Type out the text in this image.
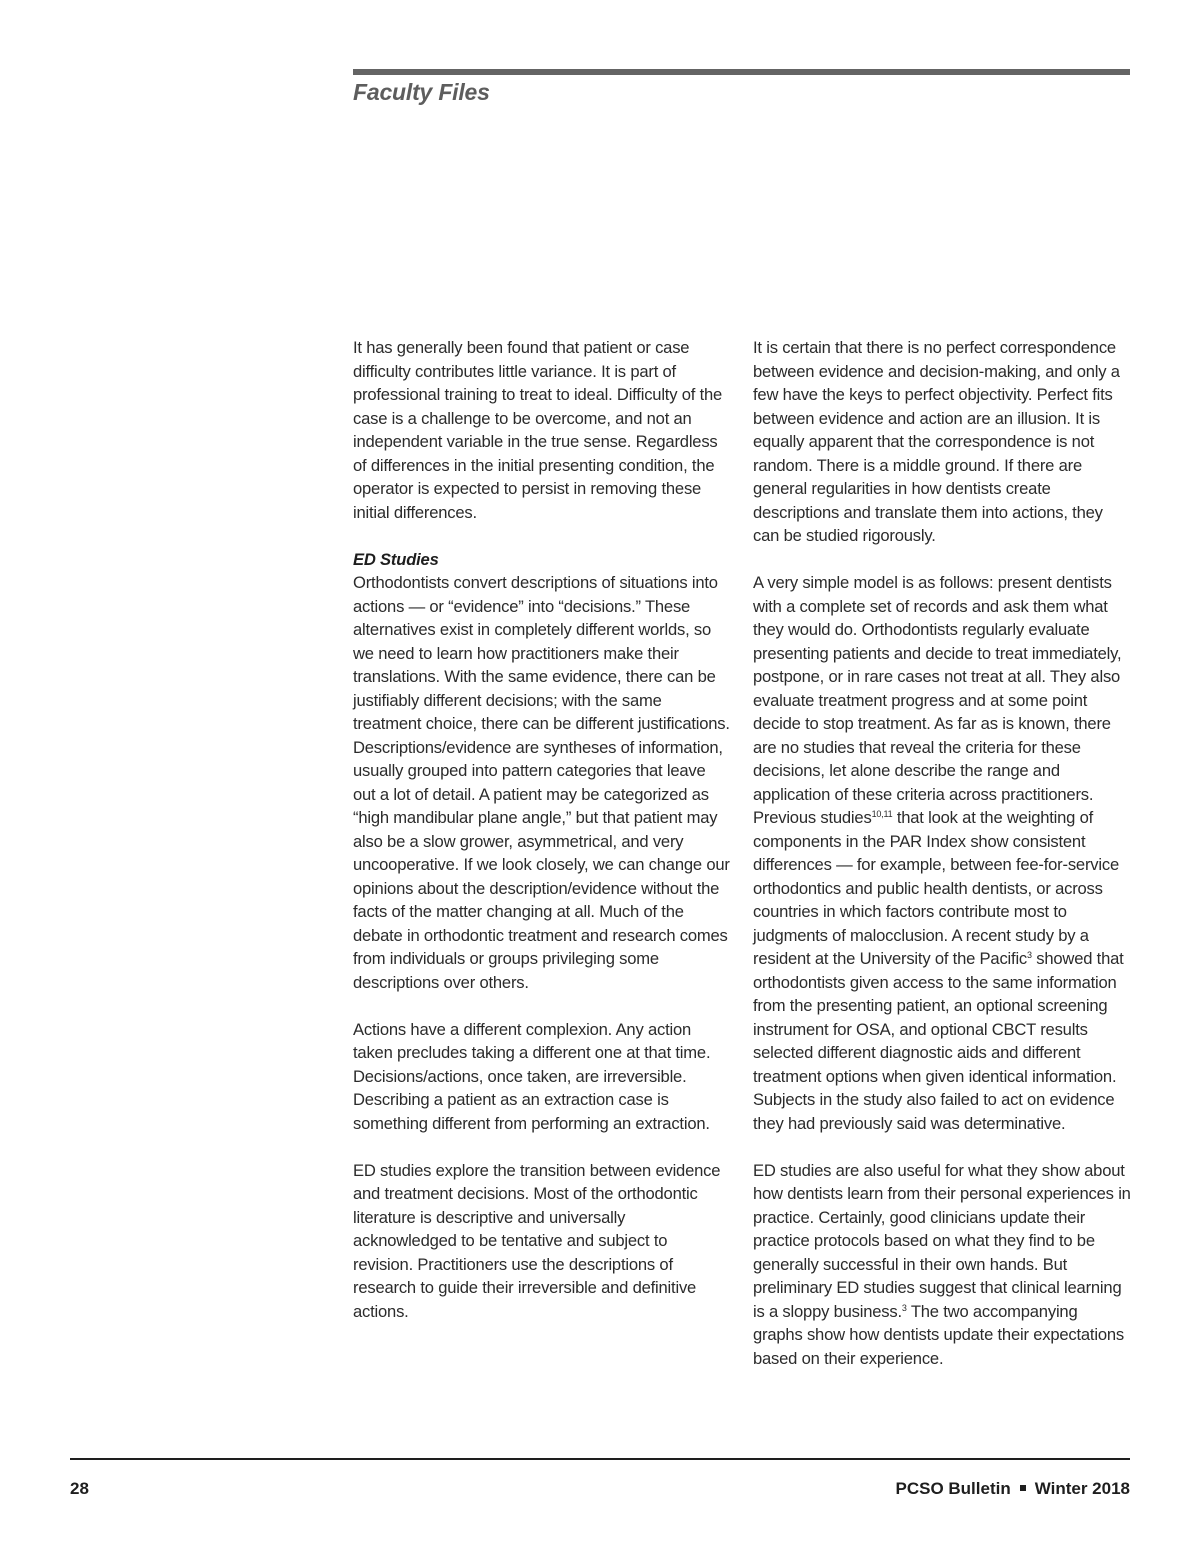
Faculty Files

It has generally been found that patient or case difficulty contributes little variance. It is part of professional training to treat to ideal. Difficulty of the case is a challenge to be overcome, and not an independent variable in the true sense. Regardless of differences in the initial presenting condition, the operator is expected to persist in removing these initial differences.

ED Studies
Orthodontists convert descriptions of situations into actions — or “evidence” into “decisions.” These alternatives exist in completely different worlds, so we need to learn how practitioners make their translations. With the same evidence, there can be justifiably different decisions; with the same treatment choice, there can be different justifications. Descriptions/evidence are syntheses of information, usually grouped into pattern categories that leave out a lot of detail. A patient may be categorized as “high mandibular plane angle,” but that patient may also be a slow grower, asymmetrical, and very uncooperative. If we look closely, we can change our opinions about the description/evidence without the facts of the matter changing at all. Much of the debate in orthodontic treatment and research comes from individuals or groups privileging some descriptions over others.

Actions have a different complexion. Any action taken precludes taking a different one at that time. Decisions/actions, once taken, are irreversible. Describing a patient as an extraction case is something different from performing an extraction.

ED studies explore the transition between evidence and treatment decisions. Most of the orthodontic literature is descriptive and universally acknowledged to be tentative and subject to revision. Practitioners use the descriptions of research to guide their irreversible and definitive actions.

It is certain that there is no perfect correspondence between evidence and decision-making, and only a few have the keys to perfect objectivity. Perfect fits between evidence and action are an illusion. It is equally apparent that the correspondence is not random. There is a middle ground. If there are general regularities in how dentists create descriptions and translate them into actions, they can be studied rigorously.

A very simple model is as follows: present dentists with a complete set of records and ask them what they would do. Orthodontists regularly evaluate presenting patients and decide to treat immediately, postpone, or in rare cases not treat at all. They also evaluate treatment progress and at some point decide to stop treatment. As far as is known, there are no studies that reveal the criteria for these decisions, let alone describe the range and application of these criteria across practitioners. Previous studies$^{10,11}$ that look at the weighting of components in the PAR Index show consistent differences — for example, between fee-for-service orthodontics and public health dentists, or across countries in which factors contribute most to judgments of malocclusion. A recent study by a resident at the University of the Pacific$^3$ showed that orthodontists given access to the same information from the presenting patient, an optional screening instrument for OSA, and optional CBCT results selected different diagnostic aids and different treatment options when given identical information. Subjects in the study also failed to act on evidence they had previously said was determinative.

ED studies are also useful for what they show about how dentists learn from their personal experiences in practice. Certainly, good clinicians update their practice protocols based on what they find to be generally successful in their own hands. But preliminary ED studies suggest that clinical learning is a sloppy business.$^3$ The two accompanying graphs show how dentists update their expectations based on their experience.

28	PCSO Bulletin Winter 2018
